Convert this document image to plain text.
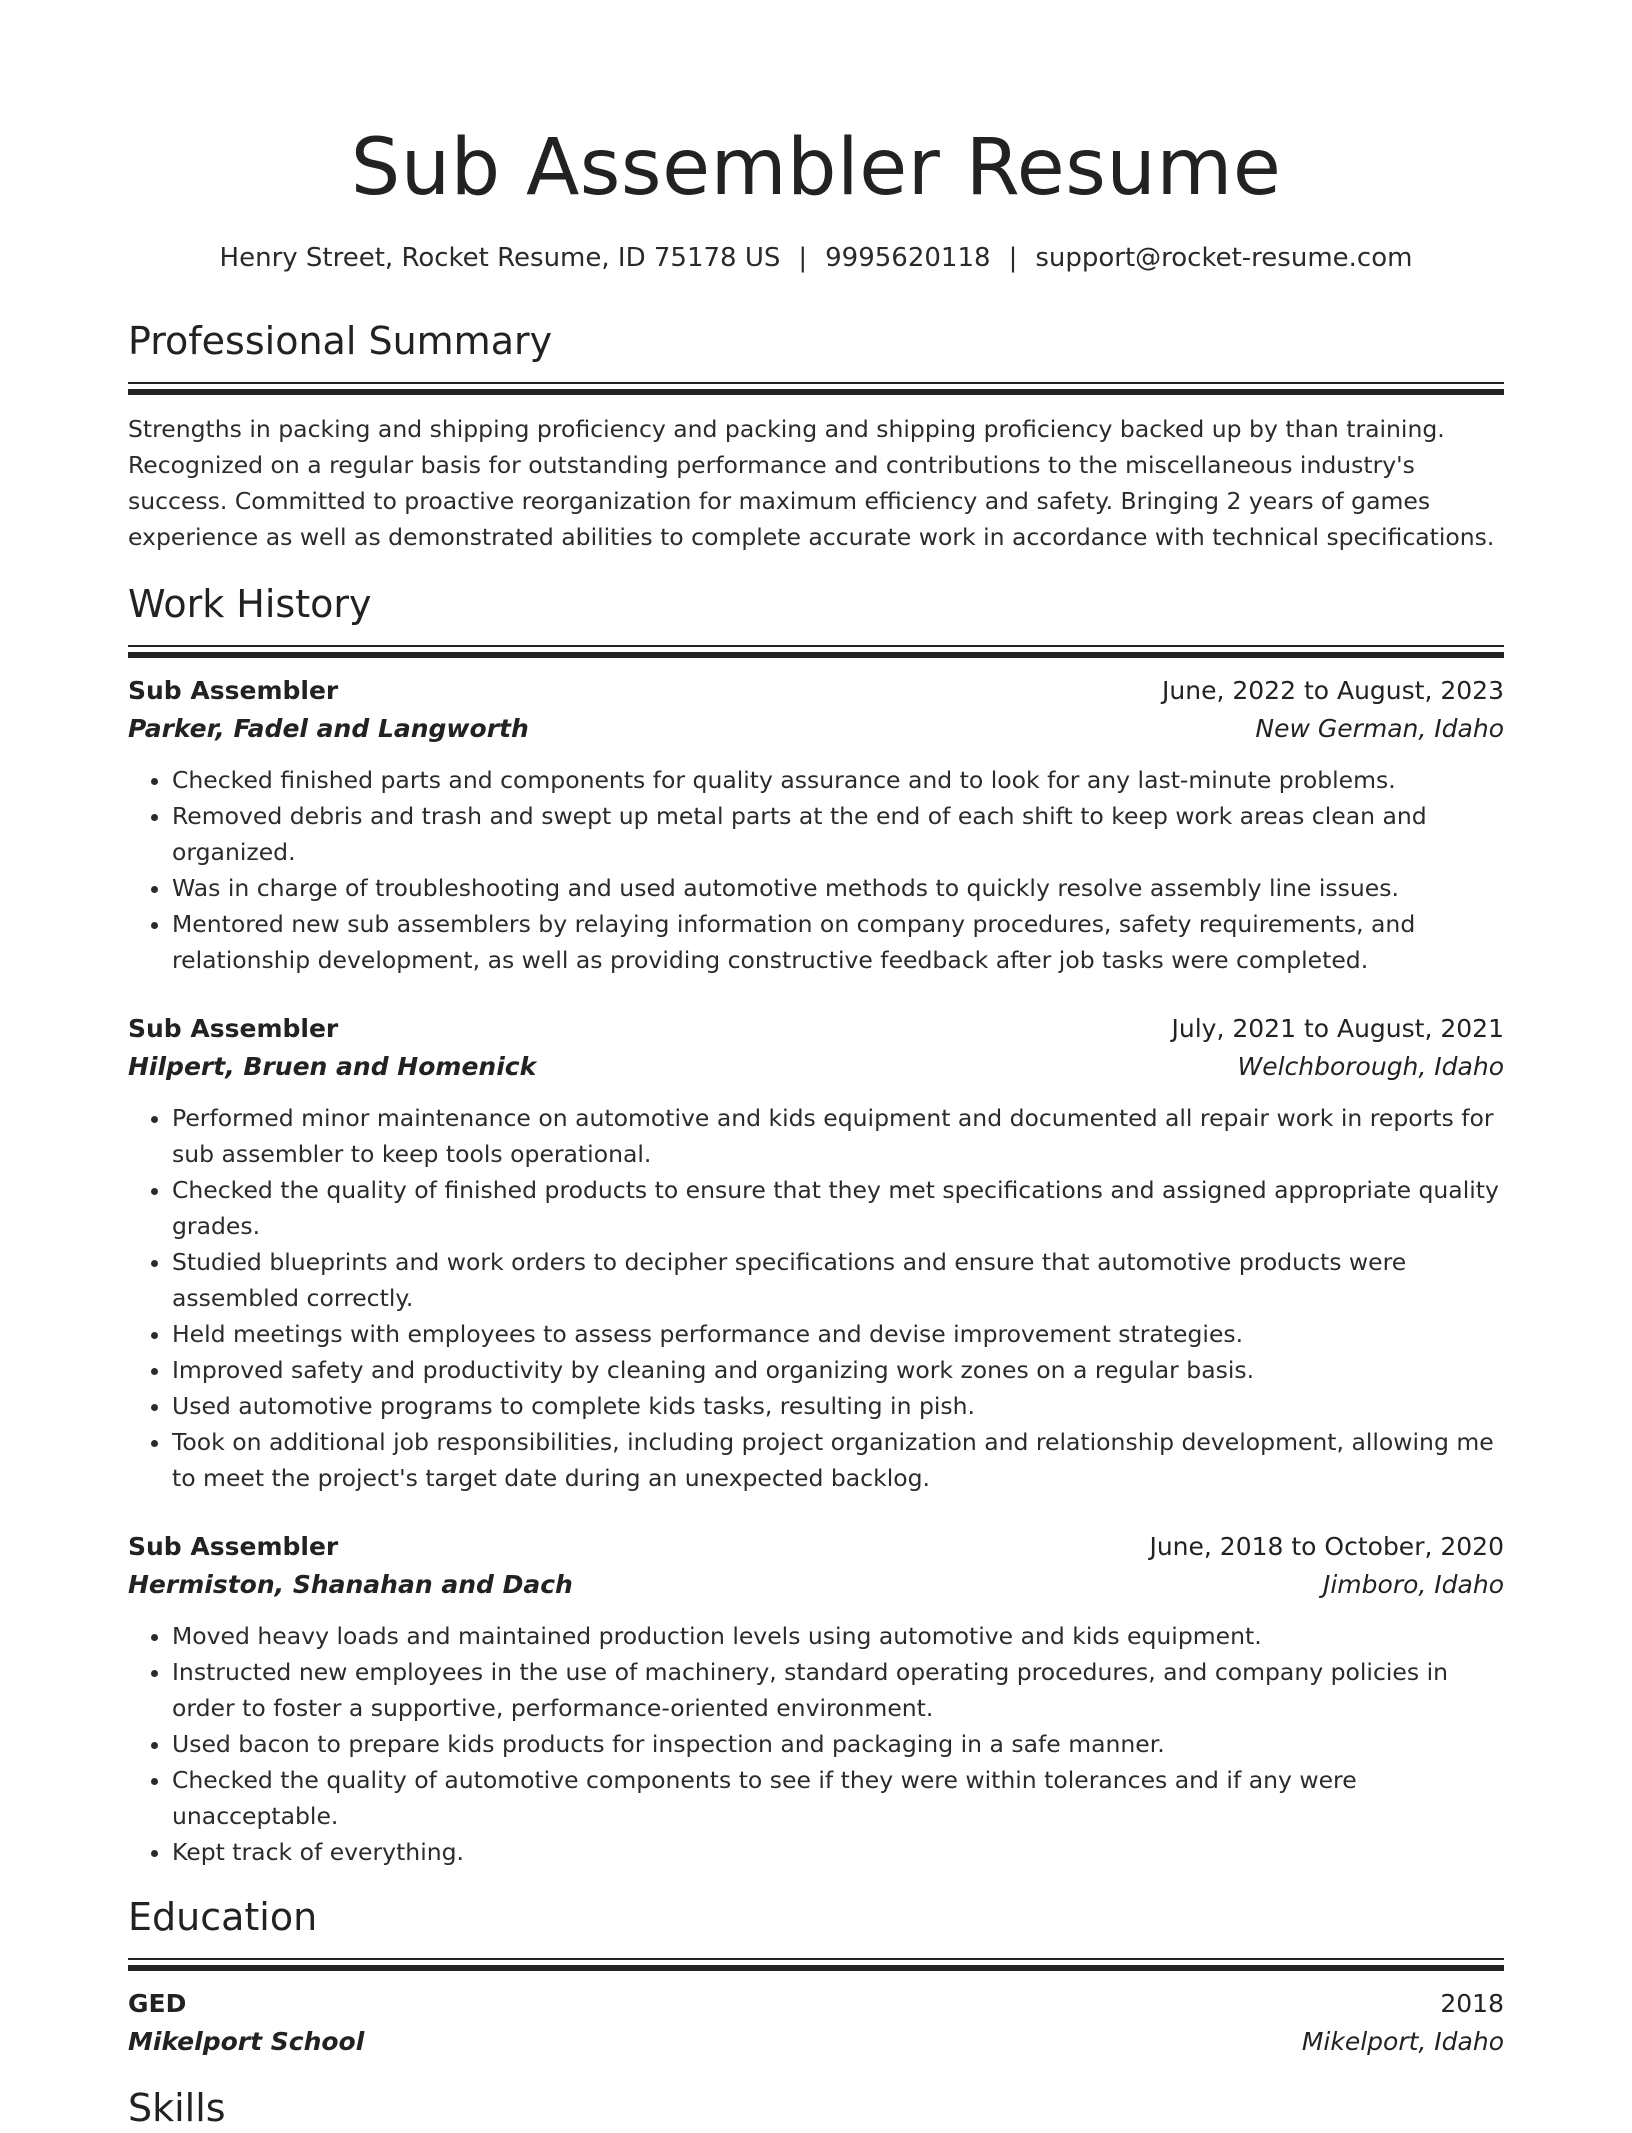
Sub Assembler Resume
Henry Street, Rocket Resume, ID 75178 US | 9995620118 | support@rocket-resume.com
Professional Summary

Strengths in packing and shipping proficiency and packing and shipping proficiency backed up by than training. Recognized on a regular basis for outstanding performance and contributions to the miscellaneous industry's success. Committed to proactive reorganization for maximum efficiency and safety. Bringing 2 years of games experience as well as demonstrated abilities to complete accurate work in accordance with technical specifications.

Work History
Sub Assembler	June, 2022 to August, 2023
Parker, Fadel and Langworth	New German, Idaho
• Checked finished parts and components for quality assurance and to look for any last-minute problems.
• Removed debris and trash and swept up metal parts at the end of each shift to keep work areas clean and organized.
• Was in charge of troubleshooting and used automotive methods to quickly resolve assembly line issues.
• Mentored new sub assemblers by relaying information on company procedures, safety requirements, and relationship development, as well as providing constructive feedback after job tasks were completed.
Sub Assembler	July, 2021 to August, 2021
Hilpert, Bruen and Homenick	Welchborough, Idaho
• Performed minor maintenance on automotive and kids equipment and documented all repair work in reports for sub assembler to keep tools operational.
• Checked the quality of finished products to ensure that they met specifications and assigned appropriate quality grades.
• Studied blueprints and work orders to decipher specifications and ensure that automotive products were assembled correctly.
• Held meetings with employees to assess performance and devise improvement strategies.
• Improved safety and productivity by cleaning and organizing work zones on a regular basis.
• Used automotive programs to complete kids tasks, resulting in pish.
• Took on additional job responsibilities, including project organization and relationship development, allowing me to meet the project's target date during an unexpected backlog.
Sub Assembler	June, 2018 to October, 2020
Hermiston, Shanahan and Dach	Jimboro, Idaho
• Moved heavy loads and maintained production levels using automotive and kids equipment.
• Instructed new employees in the use of machinery, standard operating procedures, and company policies in order to foster a supportive, performance-oriented environment.
• Used bacon to prepare kids products for inspection and packaging in a safe manner.
• Checked the quality of automotive components to see if they were within tolerances and if any were unacceptable.
• Kept track of everything.
Education
GED	2018
Mikelport School	Mikelport, Idaho
Skills
